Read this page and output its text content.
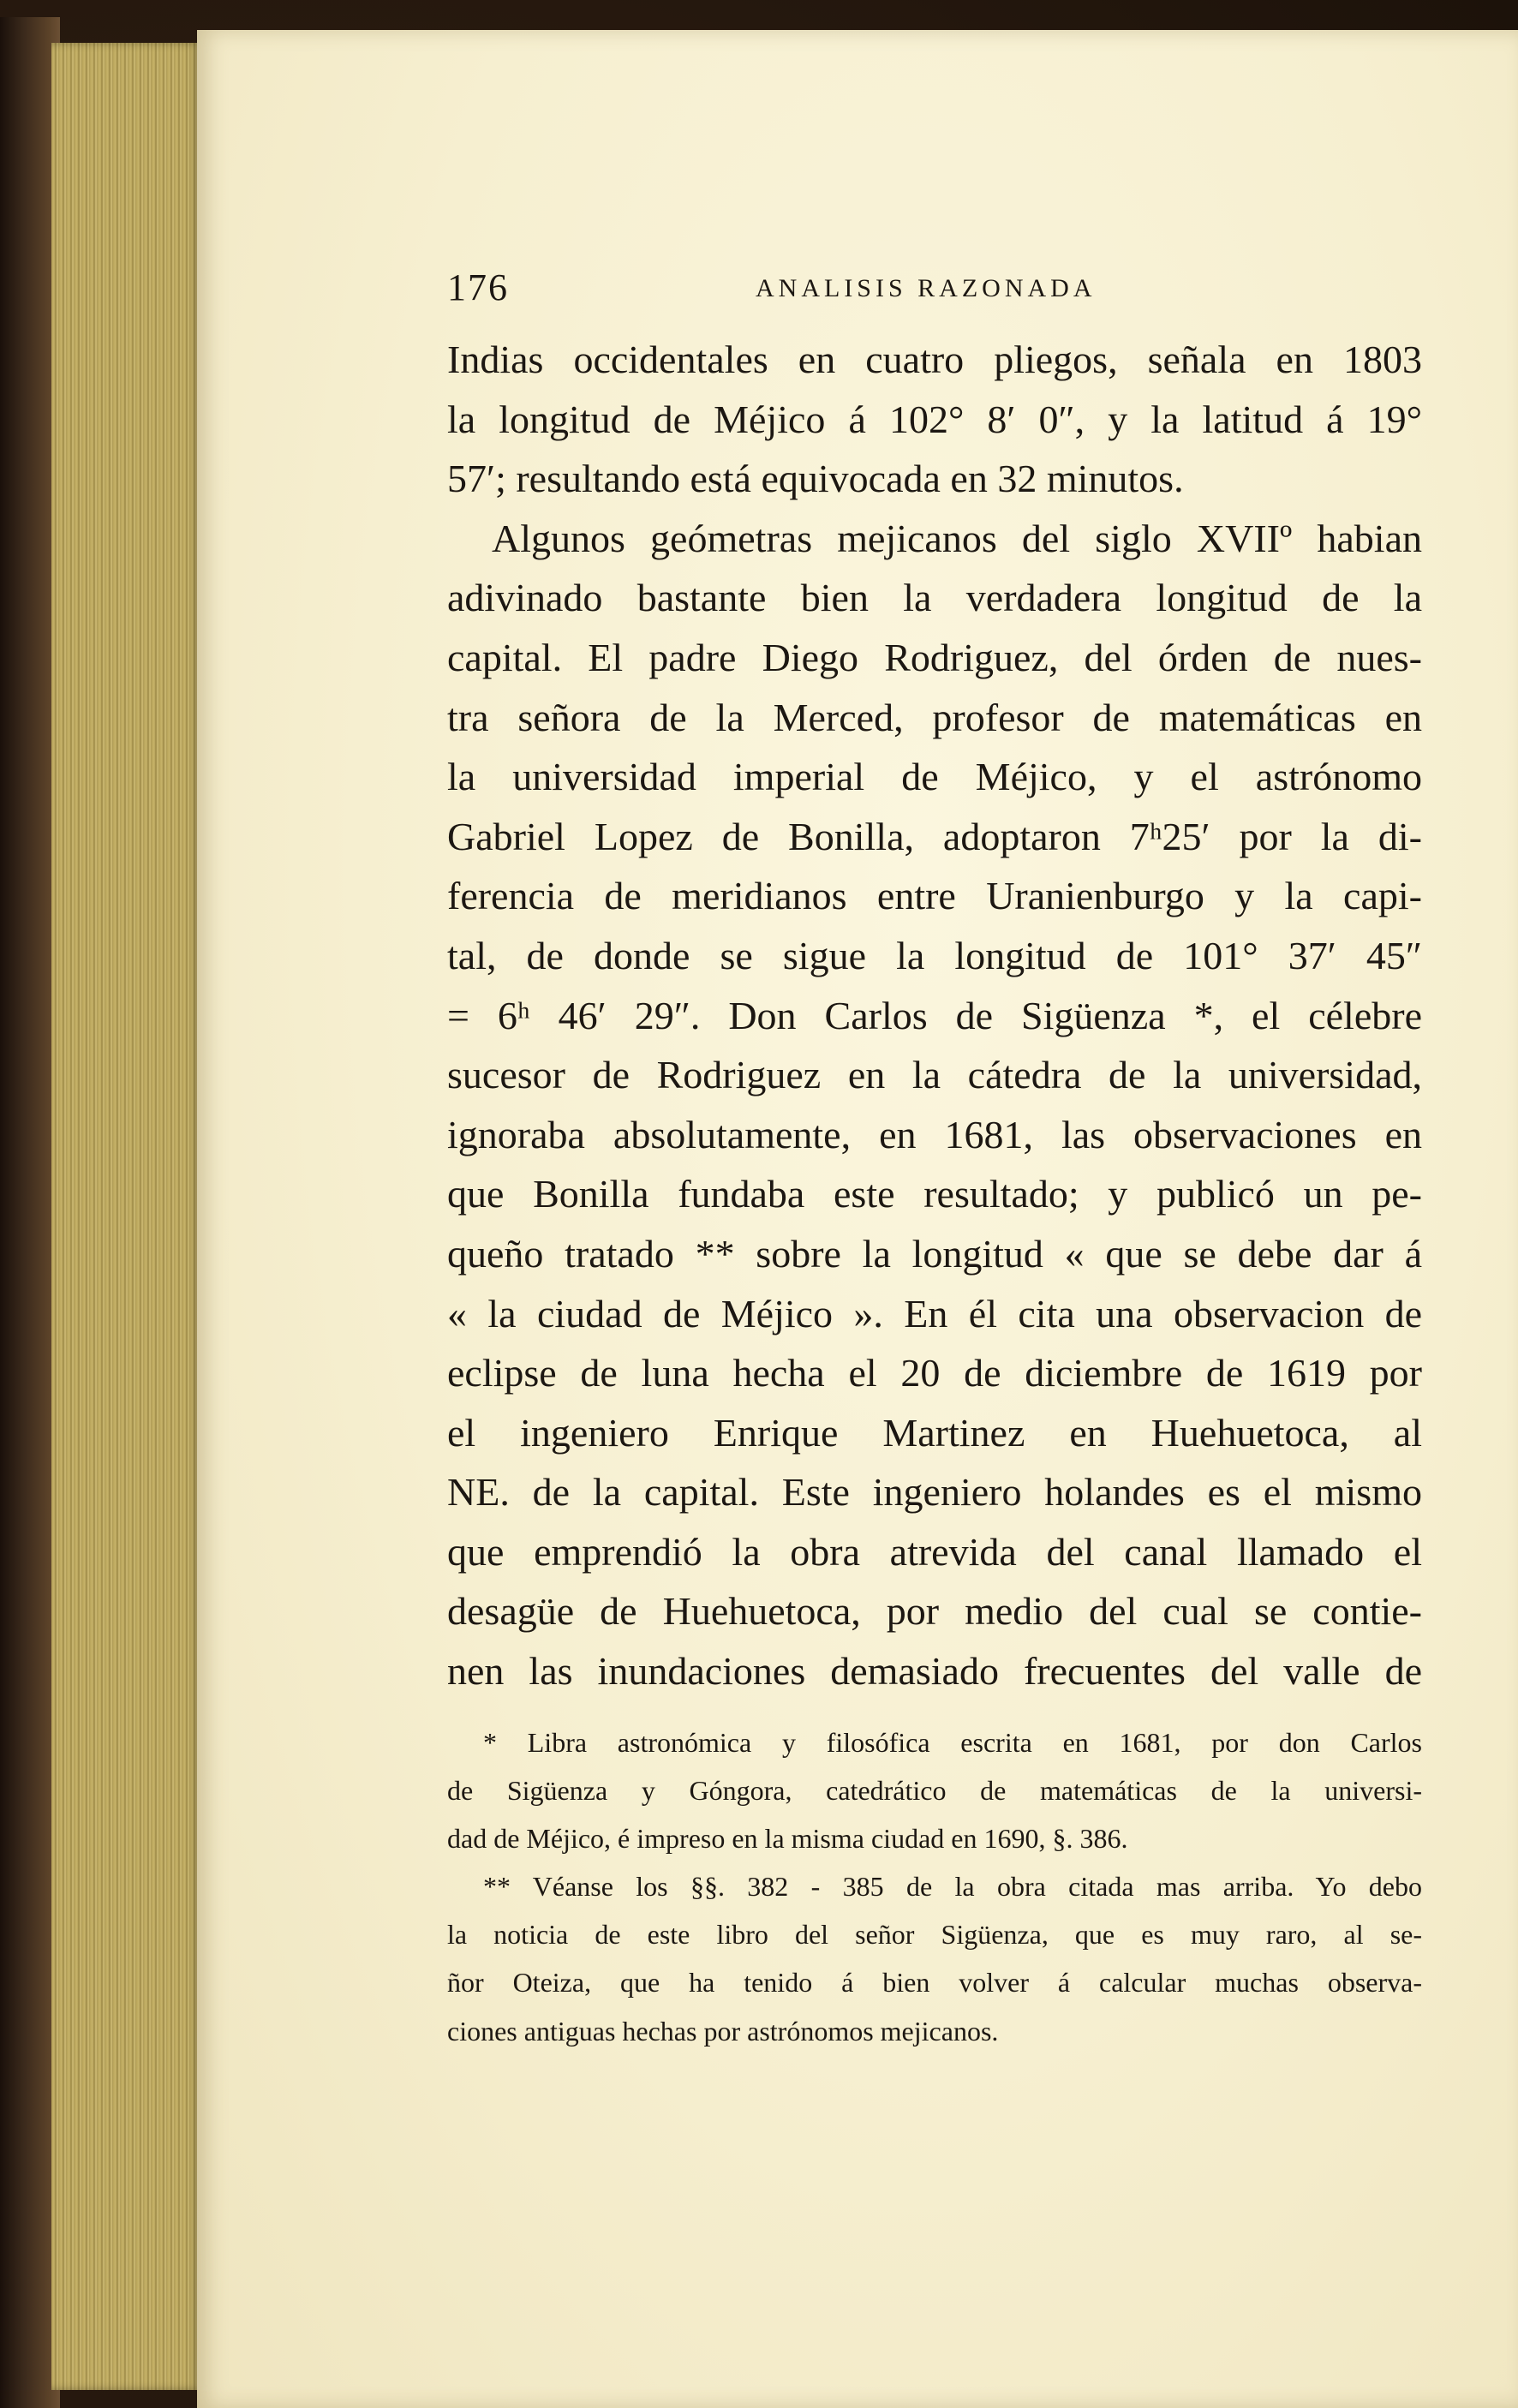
176	ANALISIS RAZONADA
Indias occidentales en cuatro pliegos, señala en 1803
la longitud de Méjico á 102° 8′ 0″, y la latitud á 19°
57′; resultando está equivocada en 32 minutos.
Algunos geómetras mejicanos del siglo XVIIº habian
adivinado bastante bien la verdadera longitud de la
capital. El padre Diego Rodriguez, del órden de nues-
tra señora de la Merced, profesor de matemáticas en
la universidad imperial de Méjico, y el astrónomo
Gabriel Lopez de Bonilla, adoptaron 7ʰ25′ por la di-
ferencia de meridianos entre Uranienburgo y la capi-
tal, de donde se sigue la longitud de 101° 37′ 45″
= 6ʰ 46′ 29″. Don Carlos de Sigüenza *, el célebre
sucesor de Rodriguez en la cátedra de la universidad,
ignoraba absolutamente, en 1681, las observaciones en
que Bonilla fundaba este resultado; y publicó un pe-
queño tratado ** sobre la longitud « que se debe dar á
« la ciudad de Méjico ». En él cita una observacion de
eclipse de luna hecha el 20 de diciembre de 1619 por
el ingeniero Enrique Martinez en Huehuetoca, al
NE. de la capital. Este ingeniero holandes es el mismo
que emprendió la obra atrevida del canal llamado el
desagüe de Huehuetoca, por medio del cual se contie-
nen las inundaciones demasiado frecuentes del valle de
* Libra astronómica y filosófica escrita en 1681, por don Carlos
de Sigüenza y Góngora, catedrático de matemáticas de la universi-
dad de Méjico, é impreso en la misma ciudad en 1690, §. 386.
** Véanse los §§. 382 - 385 de la obra citada mas arriba. Yo debo
la noticia de este libro del señor Sigüenza, que es muy raro, al se-
ñor Oteiza, que ha tenido á bien volver á calcular muchas observa-
ciones antiguas hechas por astrónomos mejicanos.
